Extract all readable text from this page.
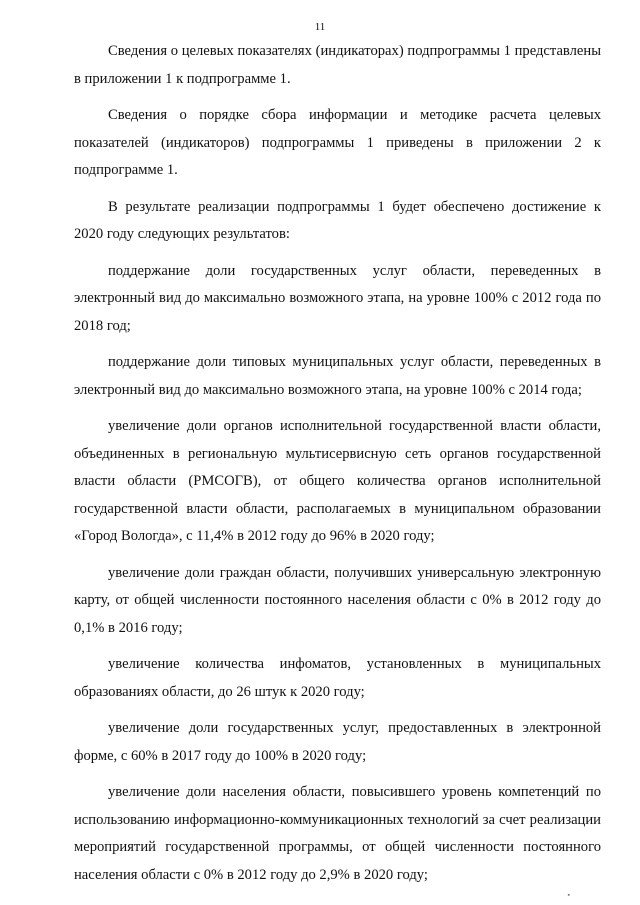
11

Сведения о целевых показателях (индикаторах) подпрограммы 1 представлены в приложении 1 к подпрограмме 1.

Сведения о порядке сбора информации и методике расчета целевых показателей (индикаторов) подпрограммы 1 приведены в приложении 2 к подпрограмме 1.

В результате реализации подпрограммы 1 будет обеспечено достижение к 2020 году следующих результатов:

поддержание доли государственных услуг области, переведенных в электронный вид до максимально возможного этапа, на уровне 100% с 2012 года по 2018 год;

поддержание доли типовых муниципальных услуг области, переведенных в электронный вид до максимально возможного этапа, на уровне 100% с 2014 года;

увеличение доли органов исполнительной государственной власти области, объединенных в региональную мультисервисную сеть органов государственной власти области (РМСОГВ), от общего количества органов исполнительной государственной власти области, располагаемых в муниципальном образовании «Город Вологда», с 11,4% в 2012 году до 96% в 2020 году;

увеличение доли граждан области, получивших универсальную электронную карту, от общей численности постоянного населения области с 0% в 2012 году до 0,1% в 2016 году;

увеличение количества инфоматов, установленных в муниципальных образованиях области, до 26 штук к 2020 году;

увеличение доли государственных услуг, предоставленных в электронной форме, с 60% в 2017 году до 100% в 2020 году;

увеличение доли населения области, повысившего уровень компетенций по использованию информационно-коммуникационных технологий за счет реализации мероприятий государственной программы, от общей численности постоянного населения области с 0% в 2012 году до 2,9% в 2020 году;

▪
